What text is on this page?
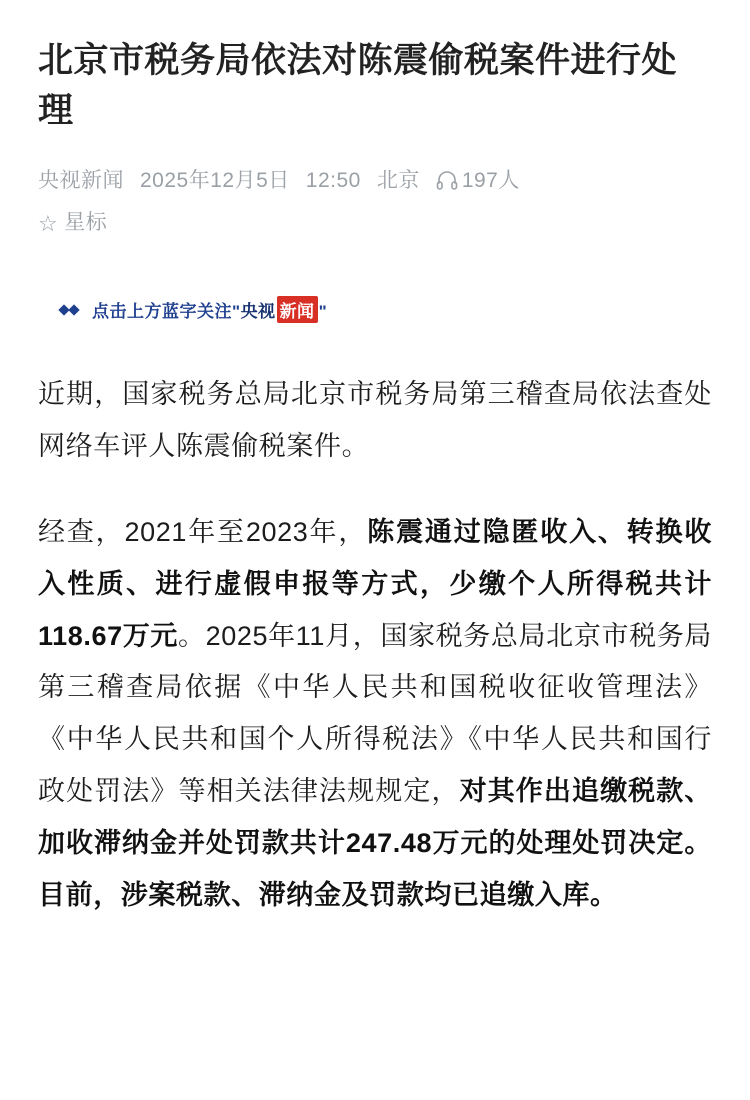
北京市税务局依法对陈震偷税案件进行处理
央视新闻 2025年12月5日 12:50 北京 197人
☆ 星标
点击上方蓝字关注"央视 新闻 "

近期，国家税务总局北京市税务局第三稽查局依法查处网络车评人陈震偷税案件。

经查，2021年至2023年，陈震通过隐匿收入、转换收入性质、进行虚假申报等方式，少缴个人所得税共计118.67万元。2025年11月，国家税务总局北京市税务局第三稽查局依据《中华人民共和国税收征收管理法》《中华人民共和国个人所得税法》《中华人民共和国行政处罚法》等相关法律法规规定，对其作出追缴税款、加收滞纳金并处罚款共计247.48万元的处理处罚决定。目前，涉案税款、滞纳金及罚款均已追缴入库。
